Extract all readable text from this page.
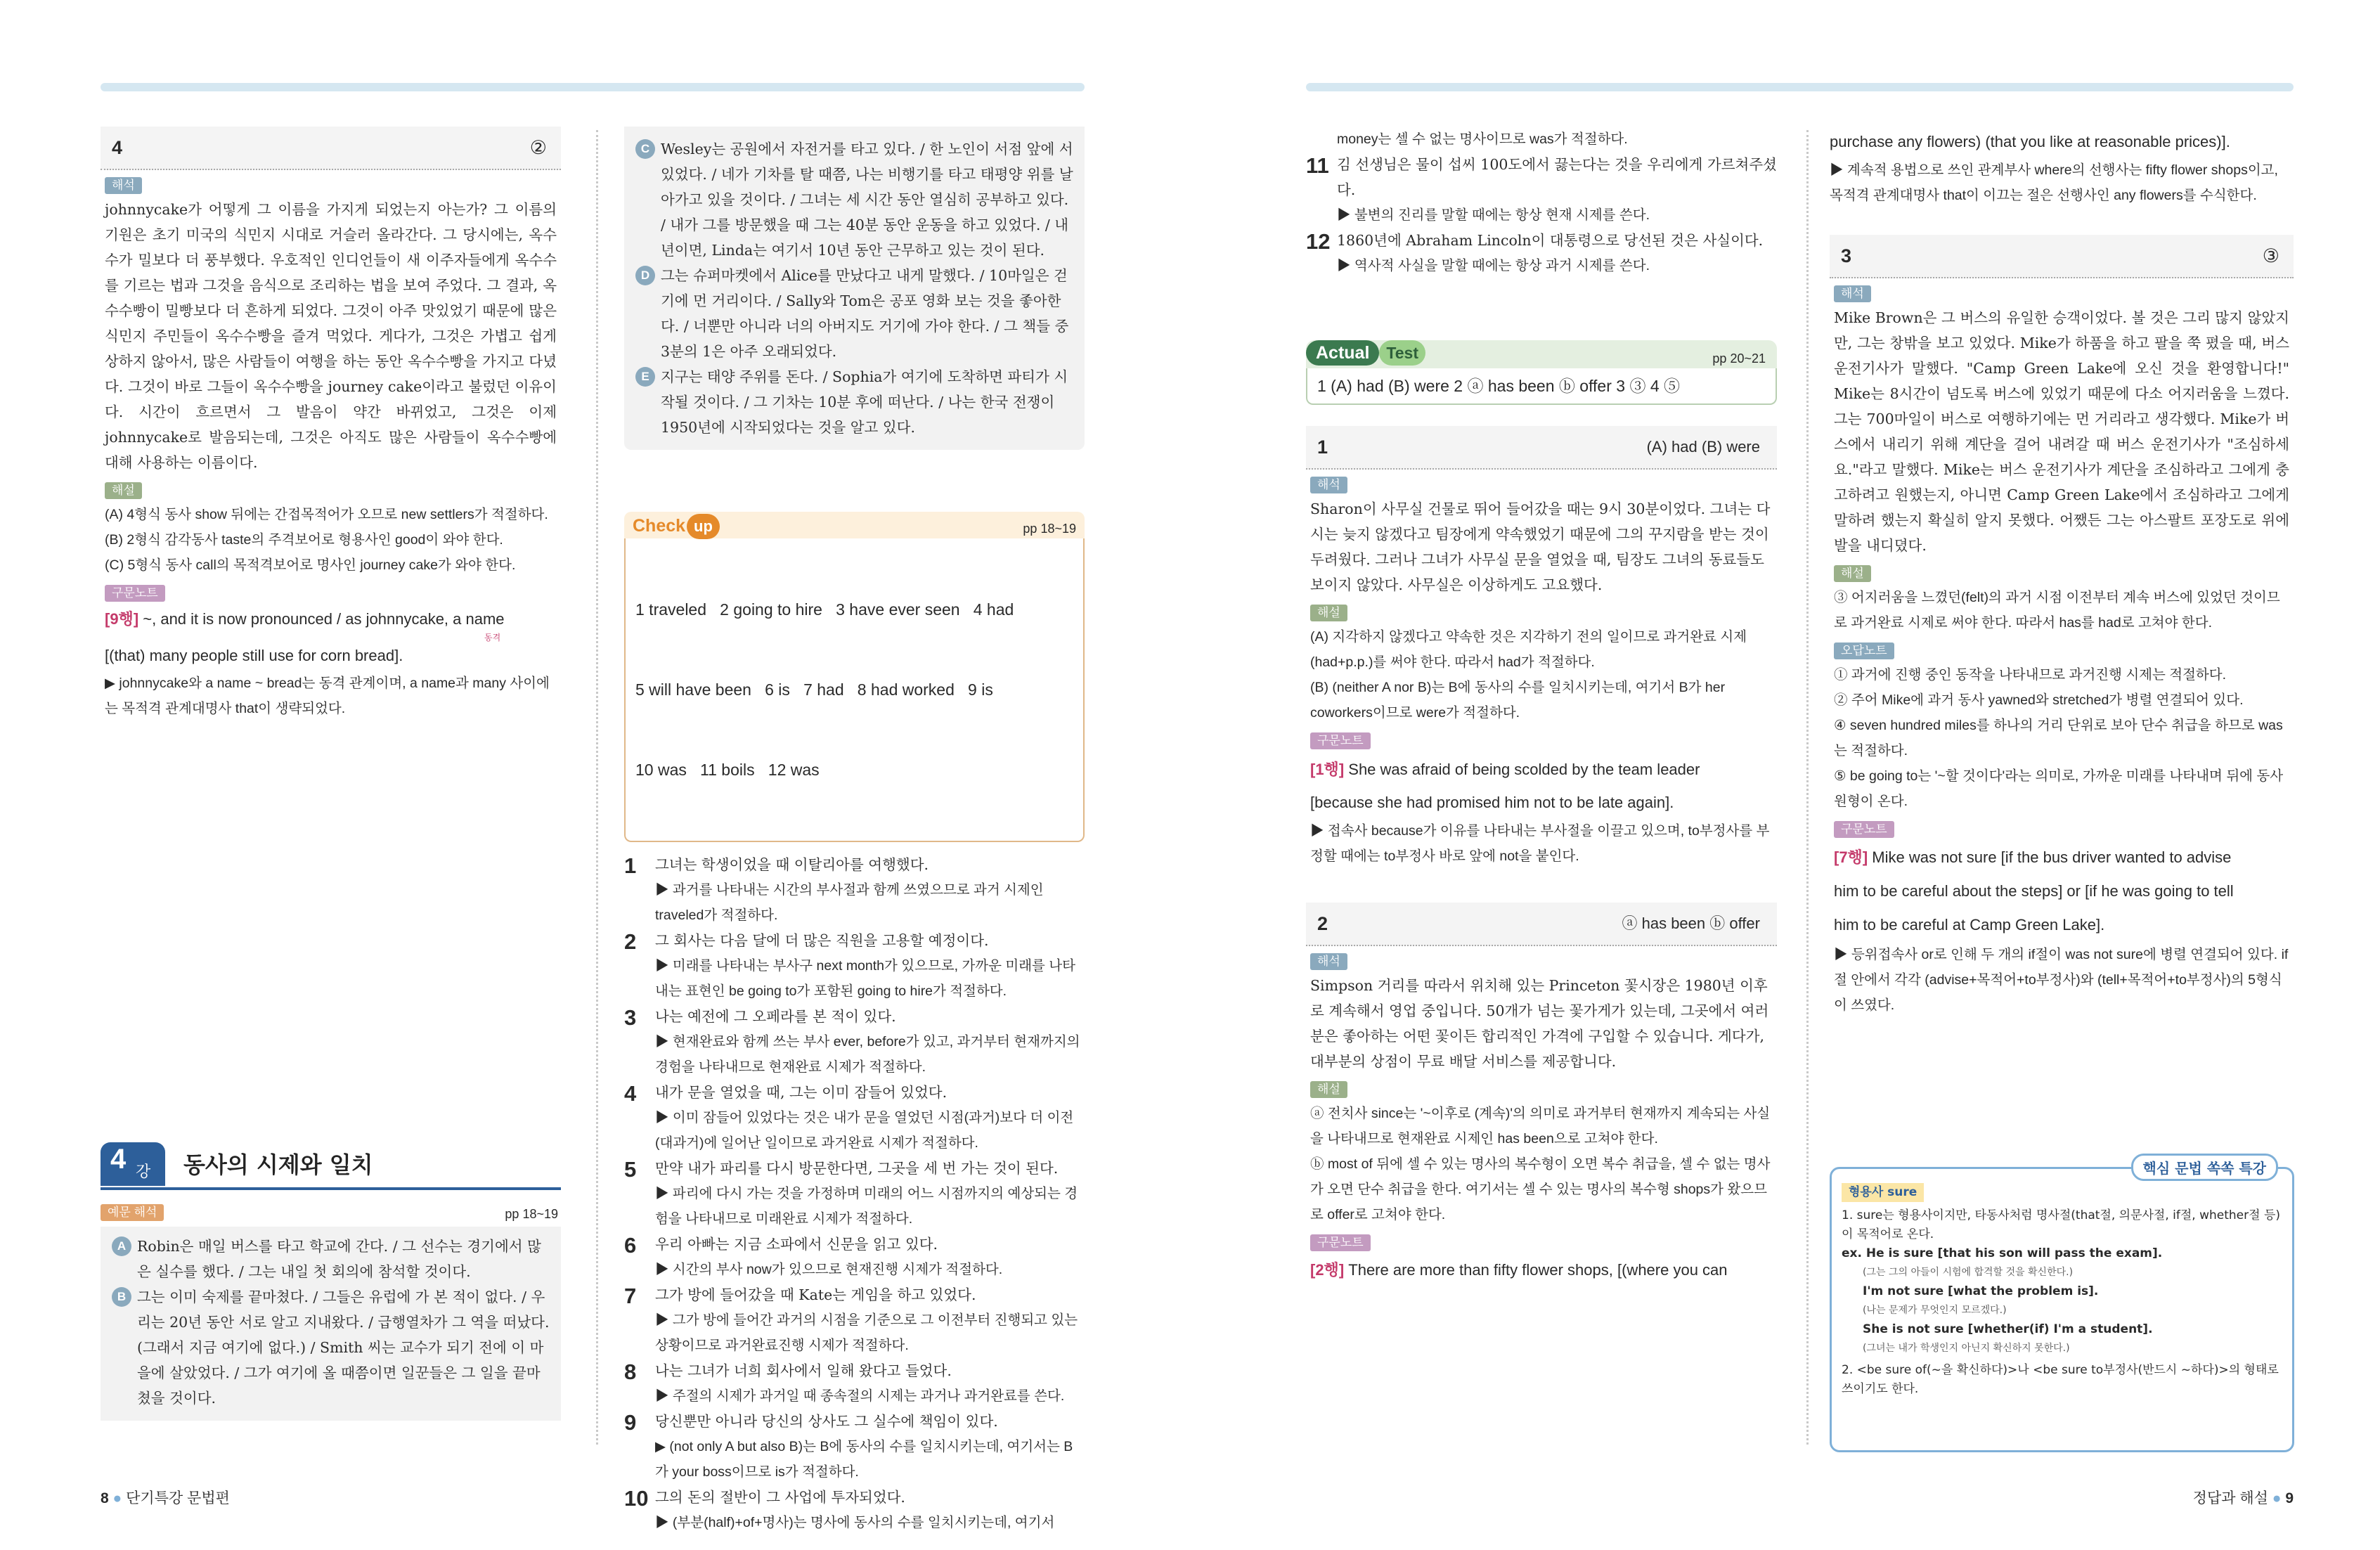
4	②
해석

johnnycake가 어떻게 그 이름을 가지게 되었는지 아는가? 그 이름의 기원은 초기 미국의 식민지 시대로 거슬러 올라간다. 그 당시에는, 옥수수가 밀보다 더 풍부했다. 우호적인 인디언들이 새 이주자들에게 옥수수를 기르는 법과 그것을 음식으로 조리하는 법을 보여 주었다. 그 결과, 옥수수빵이 밀빵보다 더 흔하게 되었다. 그것이 아주 맛있었기 때문에 많은 식민지 주민들이 옥수수빵을 즐겨 먹었다. 게다가, 그것은 가볍고 쉽게 상하지 않아서, 많은 사람들이 여행을 하는 동안 옥수수빵을 가지고 다녔다. 그것이 바로 그들이 옥수수빵을 journey cake이라고 불렀던 이유이다. 시간이 흐르면서 그 발음이 약간 바뀌었고, 그것은 이제 johnnycake로 발음되는데, 그것은 아직도 많은 사람들이 옥수수빵에 대해 사용하는 이름이다.

해설
(A) 4형식 동사 show 뒤에는 간접목적어가 오므로 new settlers가 적절하다.
(B) 2형식 감각동사 taste의 주격보어로 형용사인 good이 와야 한다.
(C) 5형식 동사 call의 목적격보어로 명사인 journey cake가 와야 한다.
구문노트
[9행] ~, and it is now pronounced / as johnnycake, a name
동격
[(that) many people still use for corn bread].
▶ johnnycake와 a name ~ bread는 동격 관계이며, a name과 many 사이에는 목적격 관계대명사 that이 생략되었다.
4 강 동사의 시제와 일치
예문 해석	pp 18~19
A Robin은 매일 버스를 타고 학교에 간다. / 그 선수는 경기에서 많은 실수를 했다. / 그는 내일 첫 회의에 참석할 것이다.
B 그는 이미 숙제를 끝마쳤다. / 그들은 유럽에 가 본 적이 없다. / 우리는 20년 동안 서로 알고 지내왔다. / 급행열차가 그 역을 떠났다. (그래서 지금 여기에 없다.) / Smith 씨는 교수가 되기 전에 이 마을에 살았었다. / 그가 여기에 올 때쯤이면 일꾼들은 그 일을 끝마쳤을 것이다.
C Wesley는 공원에서 자전거를 타고 있다. / 한 노인이 서점 앞에 서 있었다. / 네가 기차를 탈 때쯤, 나는 비행기를 타고 태평양 위를 날아가고 있을 것이다. / 그녀는 세 시간 동안 열심히 공부하고 있다. / 내가 그를 방문했을 때 그는 40분 동안 운동을 하고 있었다. / 내년이면, Linda는 여기서 10년 동안 근무하고 있는 것이 된다.
D 그는 슈퍼마켓에서 Alice를 만났다고 내게 말했다. / 10마일은 걷기에 먼 거리이다. / Sally와 Tom은 공포 영화 보는 것을 좋아한다. / 너뿐만 아니라 너의 아버지도 거기에 가야 한다. / 그 책들 중 3분의 1은 아주 오래되었다.
E 지구는 태양 주위를 돈다. / Sophia가 여기에 도착하면 파티가 시작될 것이다. / 그 기차는 10분 후에 떠난다. / 나는 한국 전쟁이 1950년에 시작되었다는 것을 알고 있다.
Check up	pp 18~19

1 traveled   2 going to hire   3 have ever seen   4 had

5 will have been   6 is   7 had   8 had worked   9 is

10 was   11 boils   12 was

1	그녀는 학생이었을 때 이탈리아를 여행했다.
▶ 과거를 나타내는 시간의 부사절과 함께 쓰였으므로 과거 시제인 traveled가 적절하다.
2	그 회사는 다음 달에 더 많은 직원을 고용할 예정이다.
▶ 미래를 나타내는 부사구 next month가 있으므로, 가까운 미래를 나타내는 표현인 be going to가 포함된 going to hire가 적절하다.
3	나는 예전에 그 오페라를 본 적이 있다.
▶ 현재완료와 함께 쓰는 부사 ever, before가 있고, 과거부터 현재까지의 경험을 나타내므로 현재완료 시제가 적절하다.
4	내가 문을 열었을 때, 그는 이미 잠들어 있었다.
▶ 이미 잠들어 있었다는 것은 내가 문을 열었던 시점(과거)보다 더 이전(대과거)에 일어난 일이므로 과거완료 시제가 적절하다.
5	만약 내가 파리를 다시 방문한다면, 그곳을 세 번 가는 것이 된다.
▶ 파리에 다시 가는 것을 가정하며 미래의 어느 시점까지의 예상되는 경험을 나타내므로 미래완료 시제가 적절하다.
6	우리 아빠는 지금 소파에서 신문을 읽고 있다.
▶ 시간의 부사 now가 있으므로 현재진행 시제가 적절하다.
7	그가 방에 들어갔을 때 Kate는 게임을 하고 있었다.
▶ 그가 방에 들어간 과거의 시점을 기준으로 그 이전부터 진행되고 있는 상황이므로 과거완료진행 시제가 적절하다.
8	나는 그녀가 너희 회사에서 일해 왔다고 들었다.
▶ 주절의 시제가 과거일 때 종속절의 시제는 과거나 과거완료를 쓴다.
9	당신뿐만 아니라 당신의 상사도 그 실수에 책임이 있다.
▶ (not only A but also B)는 B에 동사의 수를 일치시키는데, 여기서는 B가 your boss이므로 is가 적절하다.
10 그의 돈의 절반이 그 사업에 투자되었다.
▶ (부분(half)+of+명사)는 명사에 동사의 수를 일치시키는데, 여기서
money는 셀 수 없는 명사이므로 was가 적절하다.
11 김 선생님은 물이 섭씨 100도에서 끓는다는 것을 우리에게 가르쳐주셨다.
▶ 불변의 진리를 말할 때에는 항상 현재 시제를 쓴다.
12 1860년에 Abraham Lincoln이 대통령으로 당선된 것은 사실이다.
▶ 역사적 사실을 말할 때에는 항상 과거 시제를 쓴다.
Actual Test	pp 20~21
1 (A) had (B) were 2 ⓐ has been ⓑ offer 3 ③ 4 ⑤
1	(A) had (B) were
해석

Sharon이 사무실 건물로 뛰어 들어갔을 때는 9시 30분이었다. 그녀는 다시는 늦지 않겠다고 팀장에게 약속했었기 때문에 그의 꾸지람을 받는 것이 두려웠다. 그러나 그녀가 사무실 문을 열었을 때, 팀장도 그녀의 동료들도 보이지 않았다. 사무실은 이상하게도 고요했다.

해설
(A) 지각하지 않겠다고 약속한 것은 지각하기 전의 일이므로 과거완료 시제 (had+p.p.)를 써야 한다. 따라서 had가 적절하다.
(B) (neither A nor B)는 B에 동사의 수를 일치시키는데, 여기서 B가 her coworkers이므로 were가 적절하다.
구문노트
[1행] She was afraid of being scolded by the team leader
[because she had promised him not to be late again].
▶ 접속사 because가 이유를 나타내는 부사절을 이끌고 있으며, to부정사를 부정할 때에는 to부정사 바로 앞에 not을 붙인다.
2	ⓐ has been ⓑ offer
해석

Simpson 거리를 따라서 위치해 있는 Princeton 꽃시장은 1980년 이후로 계속해서 영업 중입니다. 50개가 넘는 꽃가게가 있는데, 그곳에서 여러분은 좋아하는 어떤 꽃이든 합리적인 가격에 구입할 수 있습니다. 게다가, 대부분의 상점이 무료 배달 서비스를 제공합니다.

해설
ⓐ 전치사 since는 '~이후로 (계속)'의 의미로 과거부터 현재까지 계속되는 사실을 나타내므로 현재완료 시제인 has been으로 고쳐야 한다.
ⓑ most of 뒤에 셀 수 있는 명사의 복수형이 오면 복수 취급을, 셀 수 없는 명사가 오면 단수 취급을 한다. 여기서는 셀 수 있는 명사의 복수형 shops가 왔으므로 offer로 고쳐야 한다.
구문노트
[2행] There are more than fifty flower shops, [(where you can
purchase any flowers) (that you like at reasonable prices)].
▶ 계속적 용법으로 쓰인 관계부사 where의 선행사는 fifty flower shops이고, 목적격 관계대명사 that이 이끄는 절은 선행사인 any flowers를 수식한다.
3	③
해석

Mike Brown은 그 버스의 유일한 승객이었다. 볼 것은 그리 많지 않았지만, 그는 창밖을 보고 있었다. Mike가 하품을 하고 팔을 쭉 폈을 때, 버스 운전기사가 말했다. "Camp Green Lake에 오신 것을 환영합니다!" Mike는 8시간이 넘도록 버스에 있었기 때문에 다소 어지러움을 느꼈다. 그는 700마일이 버스로 여행하기에는 먼 거리라고 생각했다. Mike가 버스에서 내리기 위해 계단을 걸어 내려갈 때 버스 운전기사가 "조심하세요."라고 말했다. Mike는 버스 운전기사가 계단을 조심하라고 그에게 충고하려고 원했는지, 아니면 Camp Green Lake에서 조심하라고 그에게 말하려 했는지 확실히 알지 못했다. 어쨌든 그는 아스팔트 포장도로 위에 발을 내디뎠다.

해설
③ 어지러움을 느꼈던(felt)의 과거 시점 이전부터 계속 버스에 있었던 것이므로 과거완료 시제로 써야 한다. 따라서 has를 had로 고쳐야 한다.
오답노트
① 과거에 진행 중인 동작을 나타내므로 과거진행 시제는 적절하다.
② 주어 Mike에 과거 동사 yawned와 stretched가 병렬 연결되어 있다.
④ seven hundred miles를 하나의 거리 단위로 보아 단수 취급을 하므로 was는 적절하다.
⑤ be going to는 '~할 것이다'라는 의미로, 가까운 미래를 나타내며 뒤에 동사원형이 온다.
구문노트
[7행] Mike was not sure [if the bus driver wanted to advise
him to be careful about the steps] or [if he was going to tell
him to be careful at Camp Green Lake].
▶ 등위접속사 or로 인해 두 개의 if절이 was not sure에 병렬 연결되어 있다. if절 안에서 각각 (advise+목적어+to부정사)와 (tell+목적어+to부정사)의 5형식이 쓰였다.
핵심 문법 쏙쏙 특강
형용사 sure
1. sure는 형용사이지만, 타동사처럼 명사절(that절, 의문사절, if절, whether절 등)이 목적어로 온다.
ex. He is sure [that his son will pass the exam].
(그는 그의 아들이 시험에 합격할 것을 확신한다.)
I'm not sure [what the problem is].
(나는 문제가 무엇인지 모르겠다.)
She is not sure [whether(if) I'm a student].
(그녀는 내가 학생인지 아닌지 확신하지 못한다.)
2. <be sure of(~을 확신하다)>나 <be sure to부정사(반드시 ~하다)>의 형태로 쓰이기도 한다.
8 ● 단기특강 문법편	정답과 해설 ● 9
